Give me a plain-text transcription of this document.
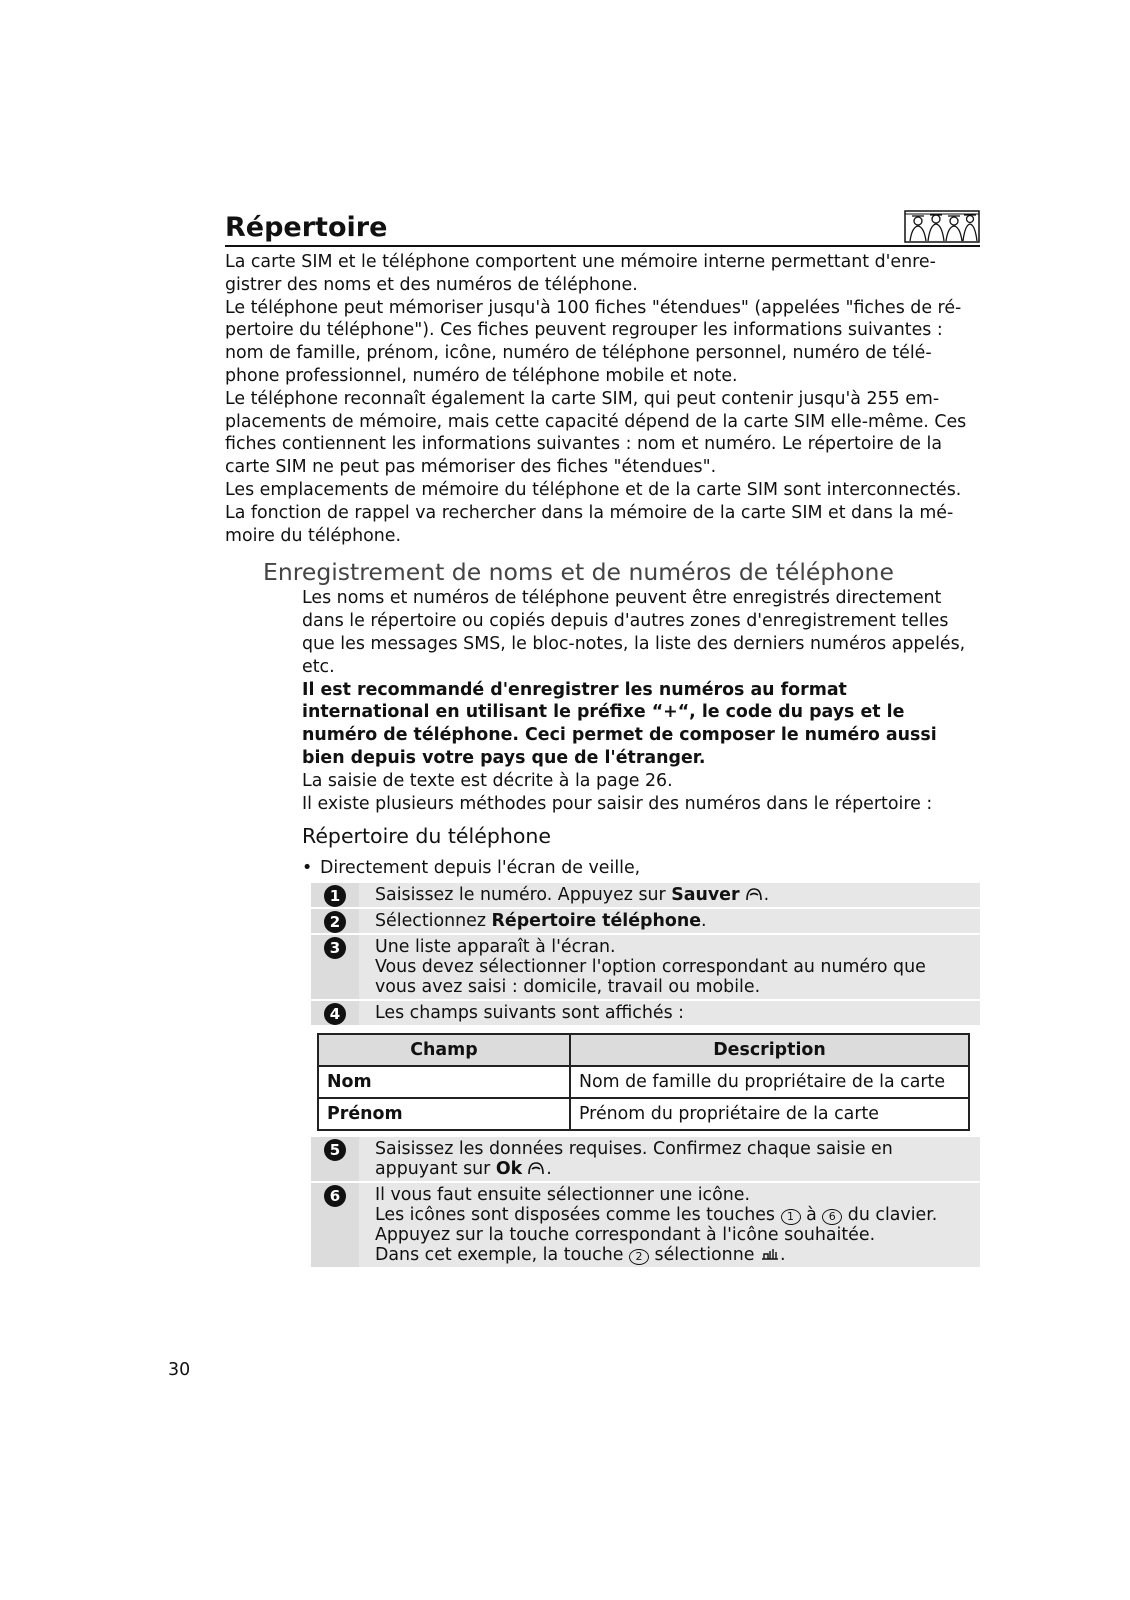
Répertoire

La carte SIM et le téléphone comportent une mémoire interne permettant d'enre-gistrer des noms et des numéros de téléphone.

Le téléphone peut mémoriser jusqu'à 100 fiches "étendues" (appelées "fiches de ré-pertoire du téléphone"). Ces fiches peuvent regrouper les informations suivantes : nom de famille, prénom, icône, numéro de téléphone personnel, numéro de télé-phone professionnel, numéro de téléphone mobile et note.

Le téléphone reconnaît également la carte SIM, qui peut contenir jusqu'à 255 em-placements de mémoire, mais cette capacité dépend de la carte SIM elle-même. Ces fiches contiennent les informations suivantes : nom et numéro. Le répertoire de la carte SIM ne peut pas mémoriser des fiches "étendues".

Les emplacements de mémoire du téléphone et de la carte SIM sont interconnectés. La fonction de rappel va rechercher dans la mémoire de la carte SIM et dans la mé-moire du téléphone.

Enregistrement de noms et de numéros de téléphone

Les noms et numéros de téléphone peuvent être enregistrés directement dans le répertoire ou copiés depuis d'autres zones d'enregistrement telles que les messages SMS, le bloc-notes, la liste des derniers numéros appelés, etc.

Il est recommandé d'enregistrer les numéros au format international en utilisant le préfixe “+“, le code du pays et le numéro de téléphone. Ceci permet de composer le numéro aussi bien depuis votre pays que de l'étranger.

La saisie de texte est décrite à la page 26.

Il existe plusieurs méthodes pour saisir des numéros dans le répertoire :

Répertoire du téléphone
• Directement depuis l'écran de veille,
1	Saisissez le numéro. Appuyez sur Sauver .
2	Sélectionnez Répertoire téléphone.
3	Une liste apparaît à l'écran.

Vous devez sélectionner l'option correspondant au numéro que vous avez saisi : domicile, travail ou mobile.

4	Les champs suivants sont affichés :
Champ	Description
Nom	Nom de famille du propriétaire de la carte
Prénom	Prénom du propriétaire de la carte
5	Saisissez les données requises. Confirmez chaque saisie en appuyant sur Ok .
6	Il vous faut ensuite sélectionner une icône.

Les icônes sont disposées comme les touches 1 à 6 du clavier.

Appuyez sur la touche correspondant à l'icône souhaitée.

Dans cet exemple, la touche 2 sélectionne .

30
